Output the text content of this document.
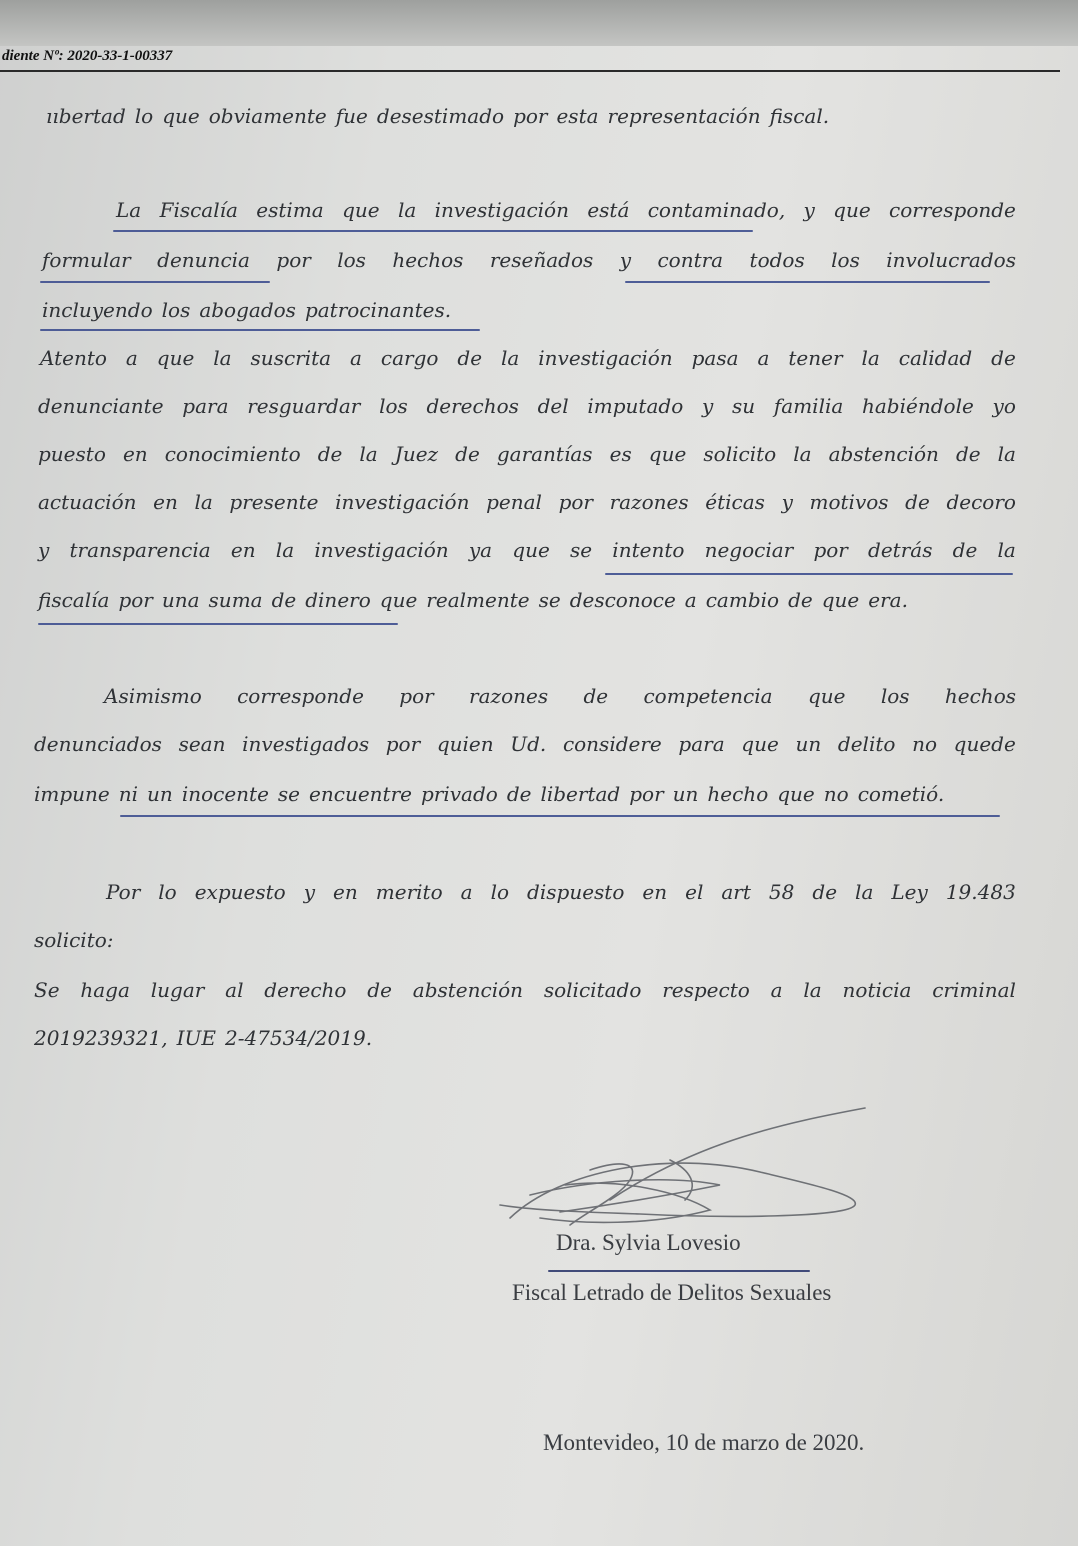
diente Nº: 2020-33-1-00337
ııbertad lo que obviamente fue desestimado por esta representación fiscal.
La Fiscalía estima que la investigación está contaminado, y que corresponde
formular denuncia por los hechos reseñados y contra todos los involucrados
incluyendo los abogados patrocinantes.
Atento a que la suscrita a cargo de la investigación pasa a tener la calidad de
denunciante para resguardar los derechos del imputado y su familia habiéndole yo
puesto en conocimiento de la Juez de garantías es que solicito la abstención de la
actuación en la presente investigación penal por razones éticas y motivos de decoro
y transparencia en la investigación ya que se intento negociar por detrás de la
fiscalía por una suma de dinero que realmente se desconoce a cambio de que era.
Asimismo corresponde por razones de competencia que los hechos
denunciados sean investigados por quien Ud. considere para que un delito no quede
impune ni un inocente se encuentre privado de libertad por un hecho que no cometió.
Por lo expuesto y en merito a lo dispuesto en el art 58 de la Ley 19.483
solicito:
Se haga lugar al derecho de abstención solicitado respecto a la noticia criminal
2019239321, IUE 2-47534/2019.
Dra. Sylvia Lovesio
Fiscal Letrado de Delitos Sexuales
Montevideo, 10 de marzo de 2020.
